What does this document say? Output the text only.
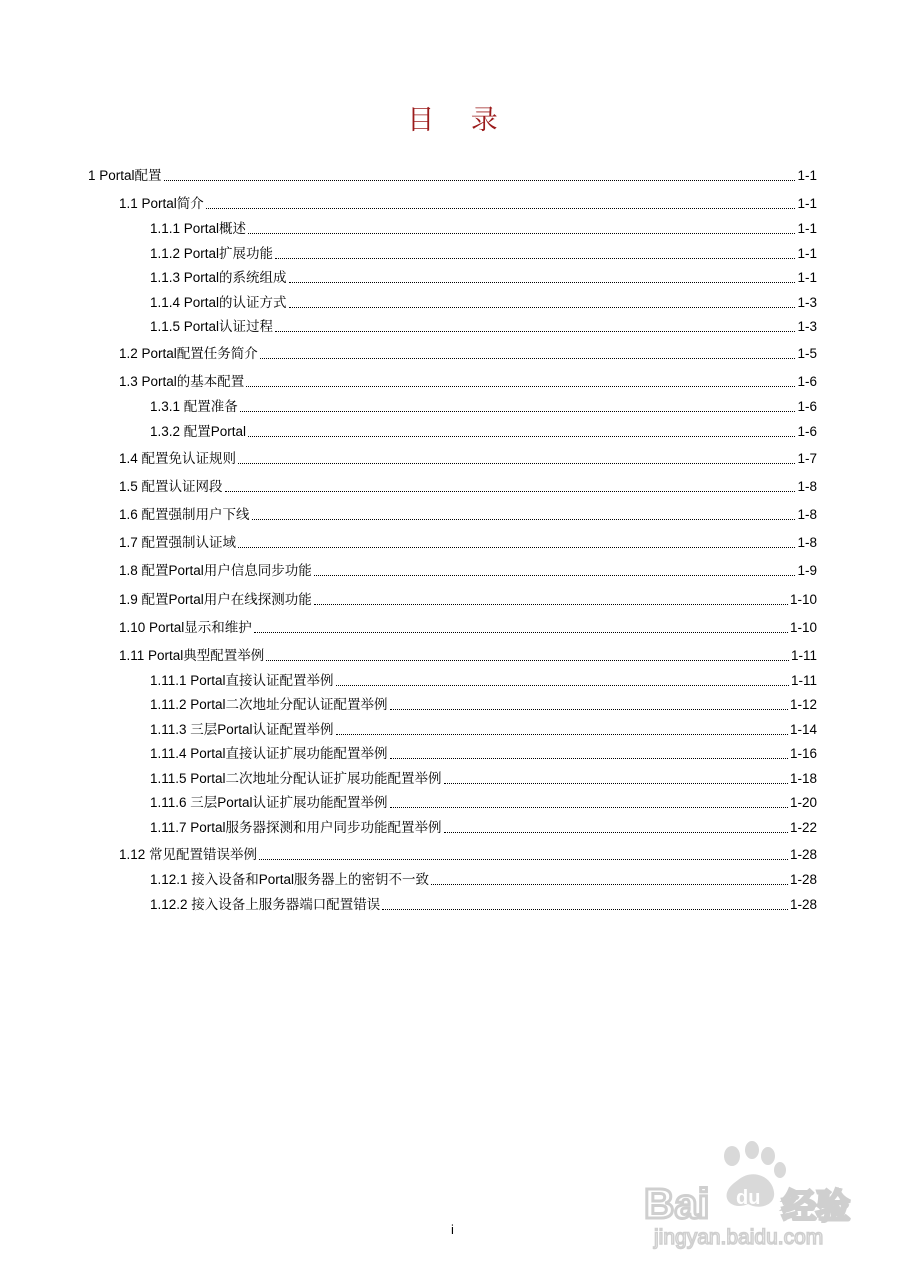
目 录
1 Portal配置	1-1
1.1 Portal简介	1-1
1.1.1 Portal概述	1-1
1.1.2 Portal扩展功能	1-1
1.1.3 Portal的系统组成	1-1
1.1.4 Portal的认证方式	1-3
1.1.5 Portal认证过程	1-3
1.2 Portal配置任务简介	1-5
1.3 Portal的基本配置	1-6
1.3.1 配置准备	1-6
1.3.2 配置Portal	1-6
1.4 配置免认证规则	1-7
1.5 配置认证网段	1-8
1.6 配置强制用户下线	1-8
1.7 配置强制认证域	1-8
1.8 配置Portal用户信息同步功能	1-9
1.9 配置Portal用户在线探测功能	1-10
1.10 Portal显示和维护	1-10
1.11 Portal典型配置举例	1-11
1.11.1 Portal直接认证配置举例	1-11
1.11.2 Portal二次地址分配认证配置举例	1-12
1.11.3 三层Portal认证配置举例	1-14
1.11.4 Portal直接认证扩展功能配置举例	1-16
1.11.5 Portal二次地址分配认证扩展功能配置举例	1-18
1.11.6 三层Portal认证扩展功能配置举例	1-20
1.11.7 Portal服务器探测和用户同步功能配置举例	1-22
1.12 常见配置错误举例	1-28
1.12.1 接入设备和Portal服务器上的密钥不一致	1-28
1.12.2 接入设备上服务器端口配置错误	1-28
i
Bai 经验
du
jingyan.baidu.com
